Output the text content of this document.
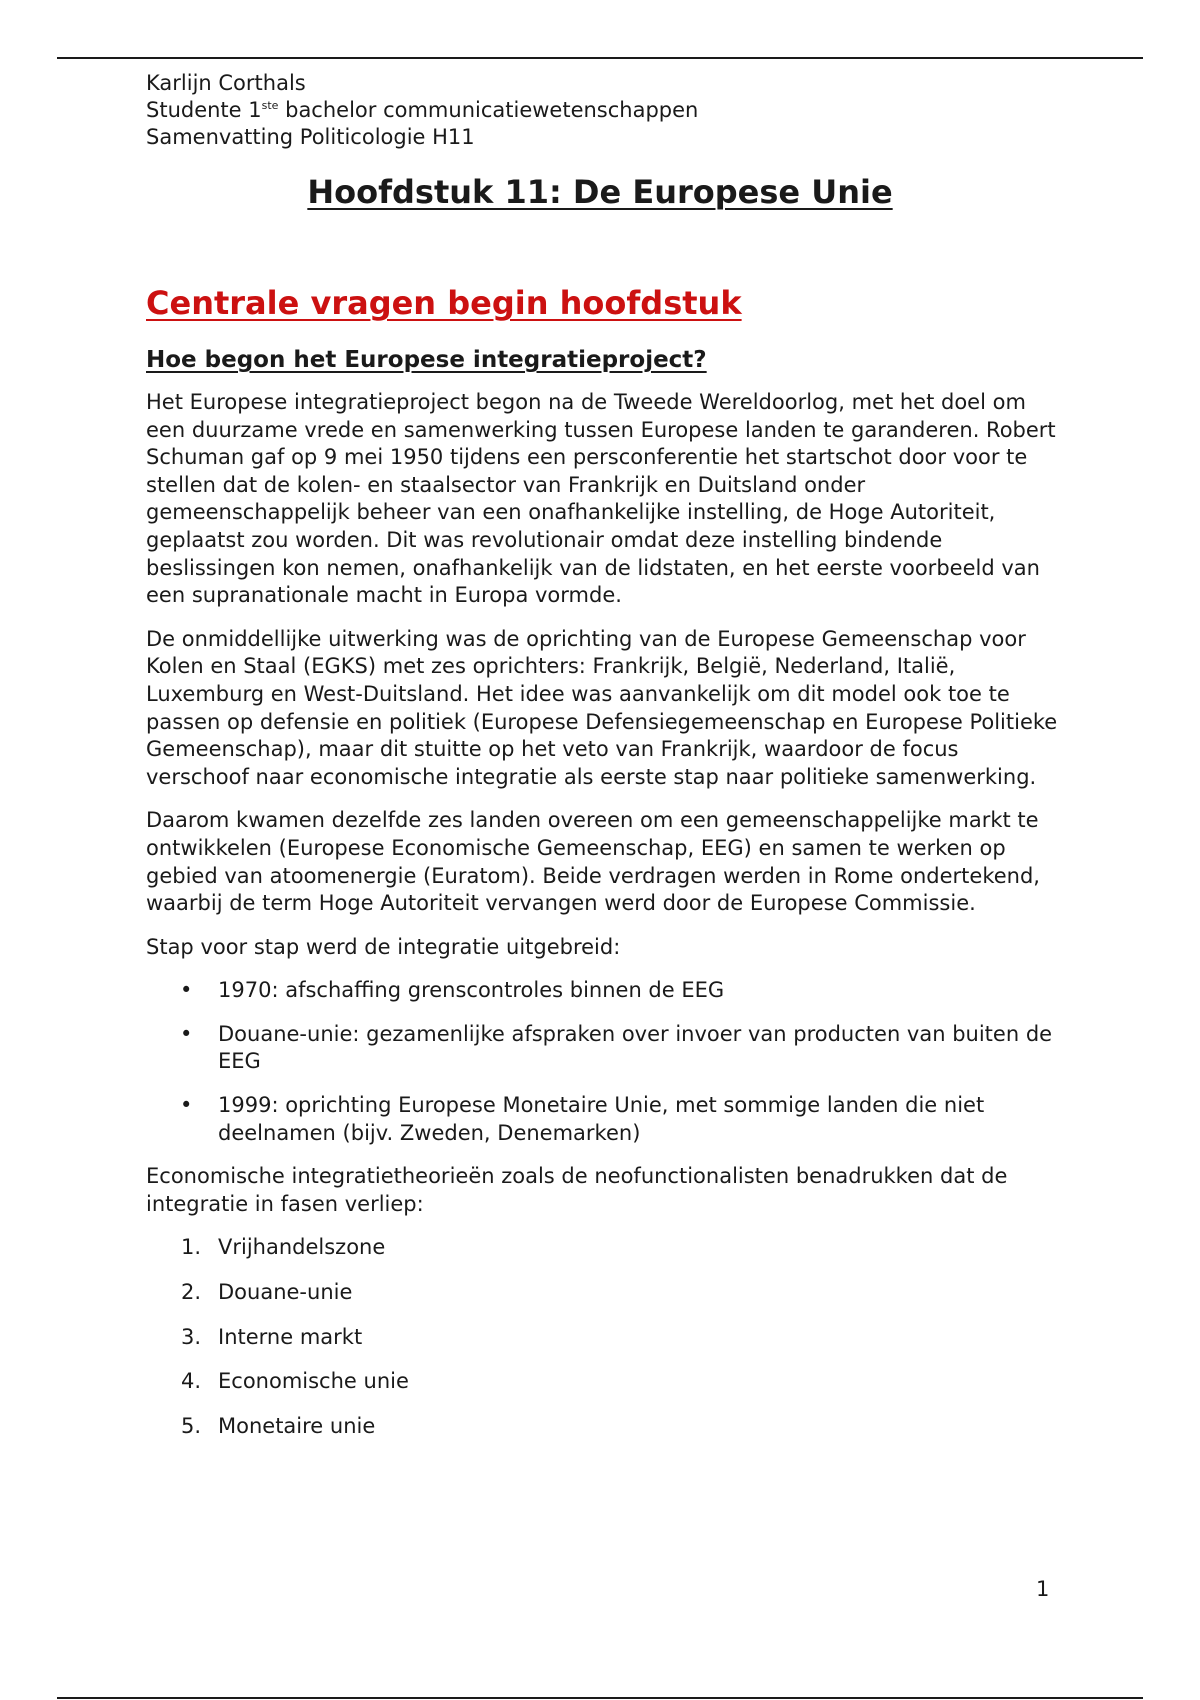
Karlijn Corthals
Studente 1ste bachelor communicatiewetenschappen
Samenvatting Politicologie H11
Hoofdstuk 11: De Europese Unie
Centrale vragen begin hoofdstuk
Hoe begon het Europese integratieproject?

Het Europese integratieproject begon na de Tweede Wereldoorlog, met het doel om een duurzame vrede en samenwerking tussen Europese landen te garanderen. Robert Schuman gaf op 9 mei 1950 tijdens een persconferentie het startschot door voor te stellen dat de kolen- en staalsector van Frankrijk en Duitsland onder gemeenschappelijk beheer van een onafhankelijke instelling, de Hoge Autoriteit, geplaatst zou worden. Dit was revolutionair omdat deze instelling bindende beslissingen kon nemen, onafhankelijk van de lidstaten, en het eerste voorbeeld van een supranationale macht in Europa vormde.

De onmiddellijke uitwerking was de oprichting van de Europese Gemeenschap voor Kolen en Staal (EGKS) met zes oprichters: Frankrijk, België, Nederland, Italië, Luxemburg en West-Duitsland. Het idee was aanvankelijk om dit model ook toe te passen op defensie en politiek (Europese Defensiegemeenschap en Europese Politieke Gemeenschap), maar dit stuitte op het veto van Frankrijk, waardoor de focus verschoof naar economische integratie als eerste stap naar politieke samenwerking.

Daarom kwamen dezelfde zes landen overeen om een gemeenschappelijke markt te ontwikkelen (Europese Economische Gemeenschap, EEG) en samen te werken op gebied van atoomenergie (Euratom). Beide verdragen werden in Rome ondertekend, waarbij de term Hoge Autoriteit vervangen werd door de Europese Commissie.

Stap voor stap werd de integratie uitgebreid:

• 1970: afschaffing grenscontroles binnen de EEG
• Douane-unie: gezamenlijke afspraken over invoer van producten van buiten de EEG
• 1999: oprichting Europese Monetaire Unie, met sommige landen die niet deelnamen (bijv. Zweden, Denemarken)

Economische integratietheorieën zoals de neofunctionalisten benadrukken dat de integratie in fasen verliep:

1. Vrijhandelszone
2. Douane-unie
3. Interne markt
4. Economische unie
5. Monetaire unie
1
